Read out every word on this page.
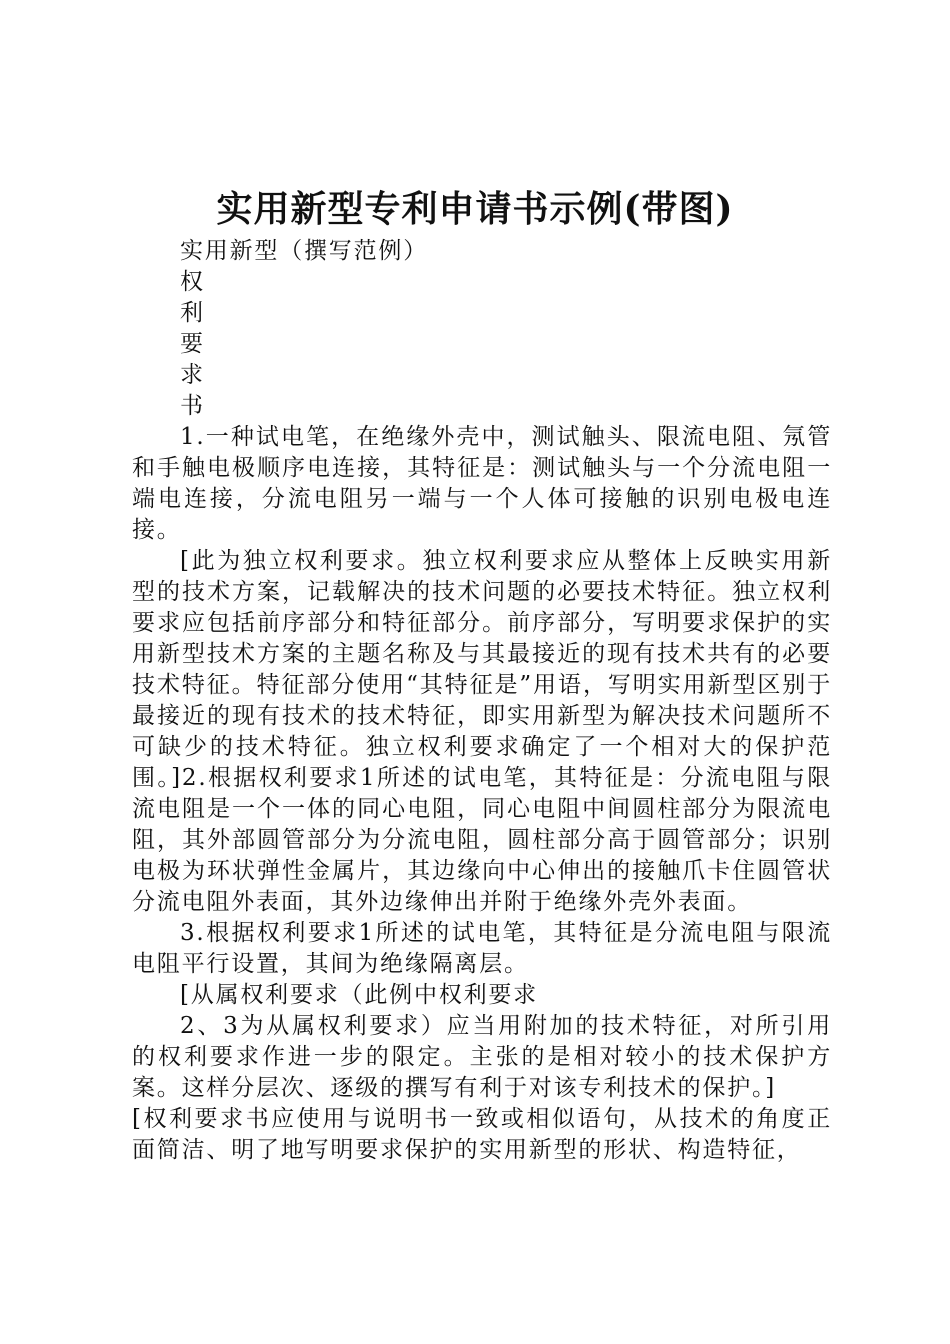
实用新型专利申请书示例(带图)

实用新型（撰写范例）

权

利

要

求

书

1.一种试电笔，在绝缘外壳中，测试触头、限流电阻、氖管和手触电极顺序电连接，其特征是：测试触头与一个分流电阻一端电连接，分流电阻另一端与一个人体可接触的识别电极电连接。

[此为独立权利要求。独立权利要求应从整体上反映实用新型的技术方案，记载解决的技术问题的必要技术特征。独立权利要求应包括前序部分和特征部分。前序部分，写明要求保护的实用新型技术方案的主题名称及与其最接近的现有技术共有的必要技术特征。特征部分使用“其特征是”用语，写明实用新型区别于最接近的现有技术的技术特征，即实用新型为解决技术问题所不可缺少的技术特征。独立权利要求确定了一个相对大的保护范围。]2.根据权利要求1所述的试电笔，其特征是：分流电阻与限流电阻是一个一体的同心电阻，同心电阻中间圆柱部分为限流电阻，其外部圆管部分为分流电阻，圆柱部分高于圆管部分；识别电极为环状弹性金属片，其边缘向中心伸出的接触爪卡住圆管状分流电阻外表面，其外边缘伸出并附于绝缘外壳外表面。

3.根据权利要求1所述的试电笔，其特征是分流电阻与限流电阻平行设置，其间为绝缘隔离层。

[从属权利要求（此例中权利要求

2、3为从属权利要求）应当用附加的技术特征，对所引用的权利要求作进一步的限定。主张的是相对较小的技术保护方案。这样分层次、逐级的撰写有利于对该专利技术的保护。]

[权利要求书应使用与说明书一致或相似语句，从技术的角度正面简洁、明了地写明要求保护的实用新型的形状、构造特征，
